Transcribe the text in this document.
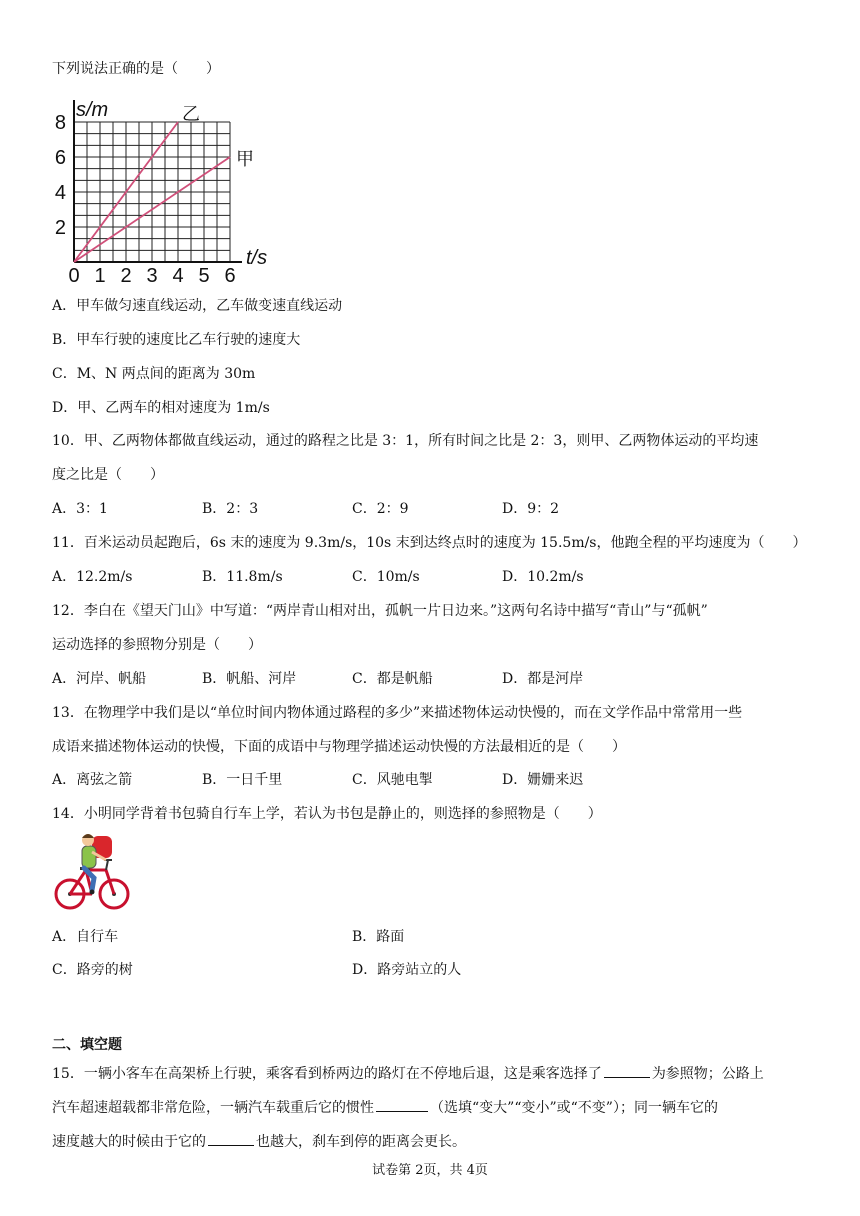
下列说法正确的是（　　）
s/m
t/s
0 1 2 3 4 5 6
2
4
6
8	乙
甲
A．甲车做匀速直线运动，乙车做变速直线运动
B．甲车行驶的速度比乙车行驶的速度大
C．M、N 两点间的距离为 30m
D．甲、乙两车的相对速度为 1m/s
10．甲、乙两物体都做直线运动，通过的路程之比是 3：1，所有时间之比是 2：3，则甲、乙两物体运动的平均速
度之比是（　　）
A．3：1	B．2：3	C．2：9	D．9：2
11．百米运动员起跑后，6s 末的速度为 9.3m/s，10s 末到达终点时的速度为 15.5m/s，他跑全程的平均速度为（　　）
A．12.2m/s	B．11.8m/s	C．10m/s	D．10.2m/s
12．李白在《望天门山》中写道：“两岸青山相对出，孤帆一片日边来。”这两句名诗中描写“青山”与“孤帆”
运动选择的参照物分别是（　　）
A．河岸、帆船	B．帆船、河岸	C．都是帆船	D．都是河岸
13．在物理学中我们是以“单位时间内物体通过路程的多少”来描述物体运动快慢的，而在文学作品中常常用一些
成语来描述物体运动的快慢，下面的成语中与物理学描述运动快慢的方法最相近的是（　　）
A．离弦之箭	B．一日千里	C．风驰电掣	D．姗姗来迟
14．小明同学背着书包骑自行车上学，若认为书包是静止的，则选择的参照物是（　　）
A．自行车	B．路面
C．路旁的树	D．路旁站立的人
二、填空题
15．一辆小客车在高架桥上行驶，乘客看到桥两边的路灯在不停地后退，这是乘客选择了	为参照物；公路上
汽车超速超载都非常危险，一辆汽车载重后它的惯性	（选填“变大”“变小”或“不变”）；同一辆车它的
速度越大的时候由于它的	也越大，刹车到停的距离会更长。
试卷第 2页，共 4页
